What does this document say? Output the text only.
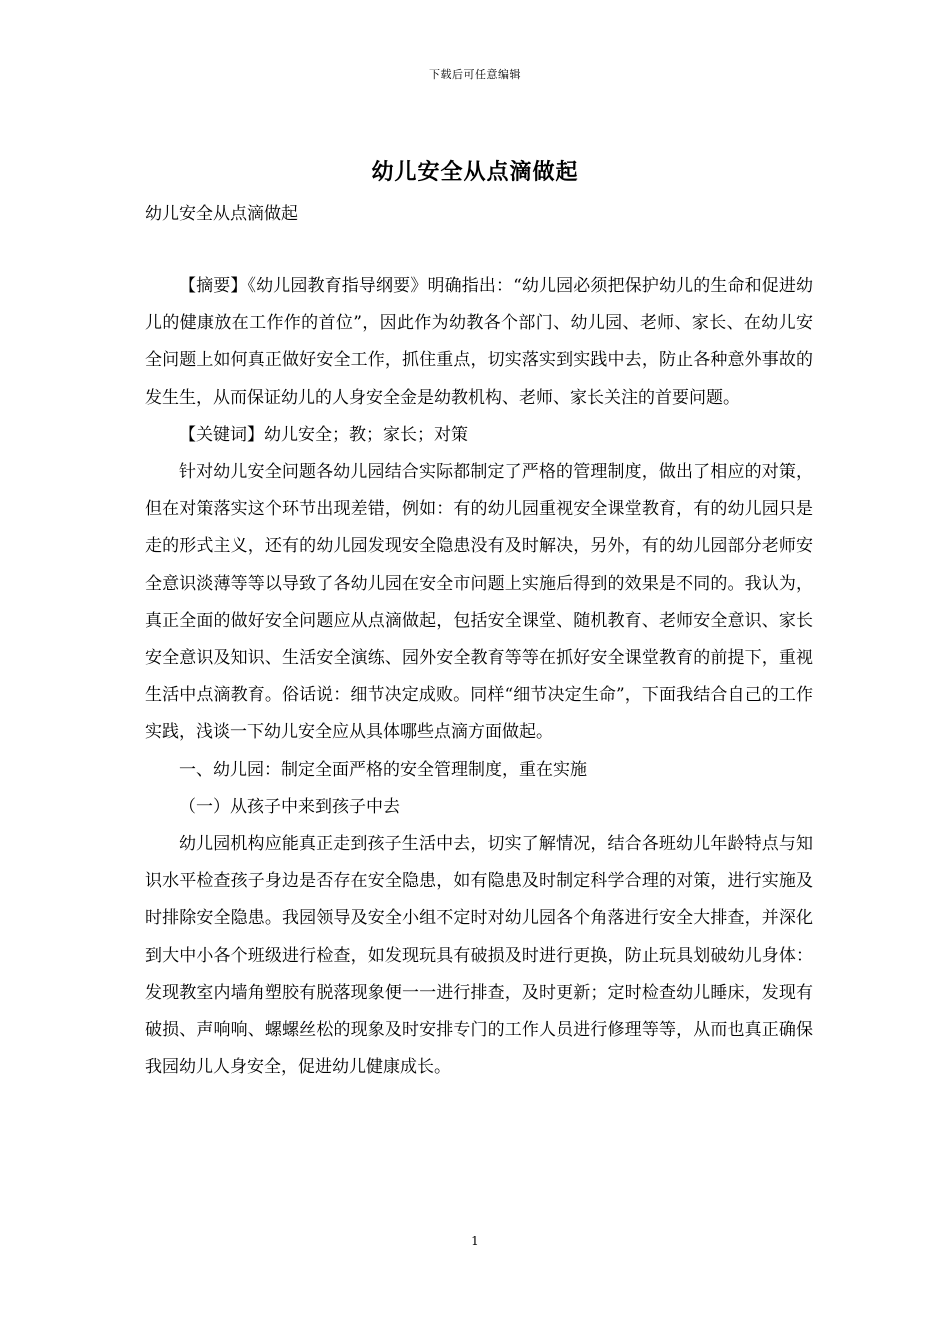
下载后可任意编辑
幼儿安全从点滴做起
幼儿安全从点滴做起

【摘要】《幼儿园教育指导纲要》明确指出：“幼儿园必须把保护幼儿的生命和促进幼儿的健康放在工作作的首位”，因此作为幼教各个部门、幼儿园、老师、家长、在幼儿安全问题上如何真正做好安全工作，抓住重点，切实落实到实践中去，防止各种意外事故的发生生，从而保证幼儿的人身安全金是幼教机构、老师、家长关注的首要问题。

【关键词】幼儿安全；教；家长；对策

针对幼儿安全问题各幼儿园结合实际都制定了严格的管理制度，做出了相应的对策，但在对策落实这个环节出现差错，例如：有的幼儿园重视安全课堂教育，有的幼儿园只是走的形式主义，还有的幼儿园发现安全隐患没有及时解决，另外，有的幼儿园部分老师安全意识淡薄等等以导致了各幼儿园在安全市问题上实施后得到的效果是不同的。我认为，真正全面的做好安全问题应从点滴做起，包括安全课堂、随机教育、老师安全意识、家长安全意识及知识、生活安全演练、园外安全教育等等在抓好安全课堂教育的前提下，重视生活中点滴教育。俗话说：细节决定成败。同样“细节决定生命”，下面我结合自己的工作实践，浅谈一下幼儿安全应从具体哪些点滴方面做起。

一、幼儿园：制定全面严格的安全管理制度，重在实施

（一）从孩子中来到孩子中去

幼儿园机构应能真正走到孩子生活中去，切实了解情况，结合各班幼儿年龄特点与知识水平检查孩子身边是否存在安全隐患，如有隐患及时制定科学合理的对策，进行实施及时排除安全隐患。我园领导及安全小组不定时对幼儿园各个角落进行安全大排查，并深化到大中小各个班级进行检查，如发现玩具有破损及时进行更换，防止玩具划破幼儿身体：发现教室内墙角塑胶有脱落现象便一一进行排查，及时更新；定时检查幼儿睡床，发现有破损、声响响、螺螺丝松的现象及时安排专门的工作人员进行修理等等，从而也真正确保我园幼儿人身安全，促进幼儿健康成长。

1
